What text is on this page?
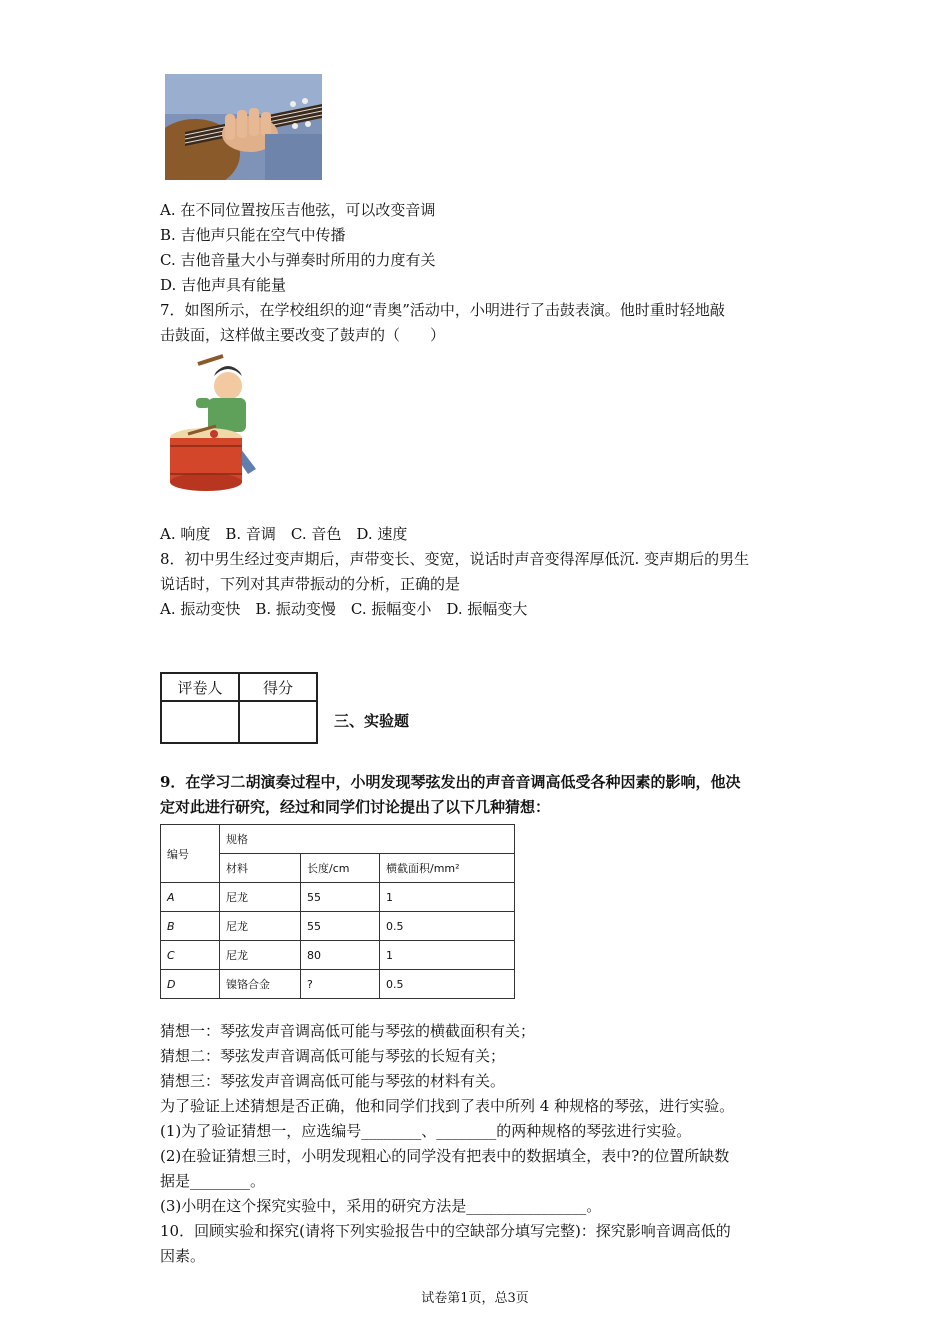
A. 在不同位置按压吉他弦，可以改变音调
B. 吉他声只能在空气中传播
C. 吉他音量大小与弹奏时所用的力度有关
D. 吉他声具有能量
7．如图所示，在学校组织的迎“青奥”活动中，小明进行了击鼓表演。他时重时轻地敲
击鼓面，这样做主要改变了鼓声的（　　）
A. 响度　B. 音调　C. 音色　D. 速度
8．初中男生经过变声期后，声带变长、变宽，说话时声音变得浑厚低沉. 变声期后的男生
说话时，下列对其声带振动的分析，正确的是
A. 振动变快　B. 振动变慢　C. 振幅变小　D. 振幅变大
评卷人	得分

三、实验题
9．在学习二胡演奏过程中，小明发现琴弦发出的声音音调高低受各种因素的影响，他决
定对此进行研究，经过和同学们讨论提出了以下几种猜想：
编号	规格		
	材料	长度/cm	横截面积/mm²
A	尼龙	55	1
B	尼龙	55	0.5
C	尼龙	80	1
D	镍铬合金	?	0.5
猜想一：琴弦发声音调高低可能与琴弦的横截面积有关；
猜想二：琴弦发声音调高低可能与琴弦的长短有关；
猜想三：琴弦发声音调高低可能与琴弦的材料有关。
为了验证上述猜想是否正确，他和同学们找到了表中所列 4 种规格的琴弦，进行实验。
(1)为了验证猜想一，应选编号________、________的两种规格的琴弦进行实验。
(2)在验证猜想三时，小明发现粗心的同学没有把表中的数据填全，表中?的位置所缺数
据是________。
(3)小明在这个探究实验中，采用的研究方法是________________。
10．回顾实验和探究(请将下列实验报告中的空缺部分填写完整)：探究影响音调高低的
因素。
试卷第1页，总3页
